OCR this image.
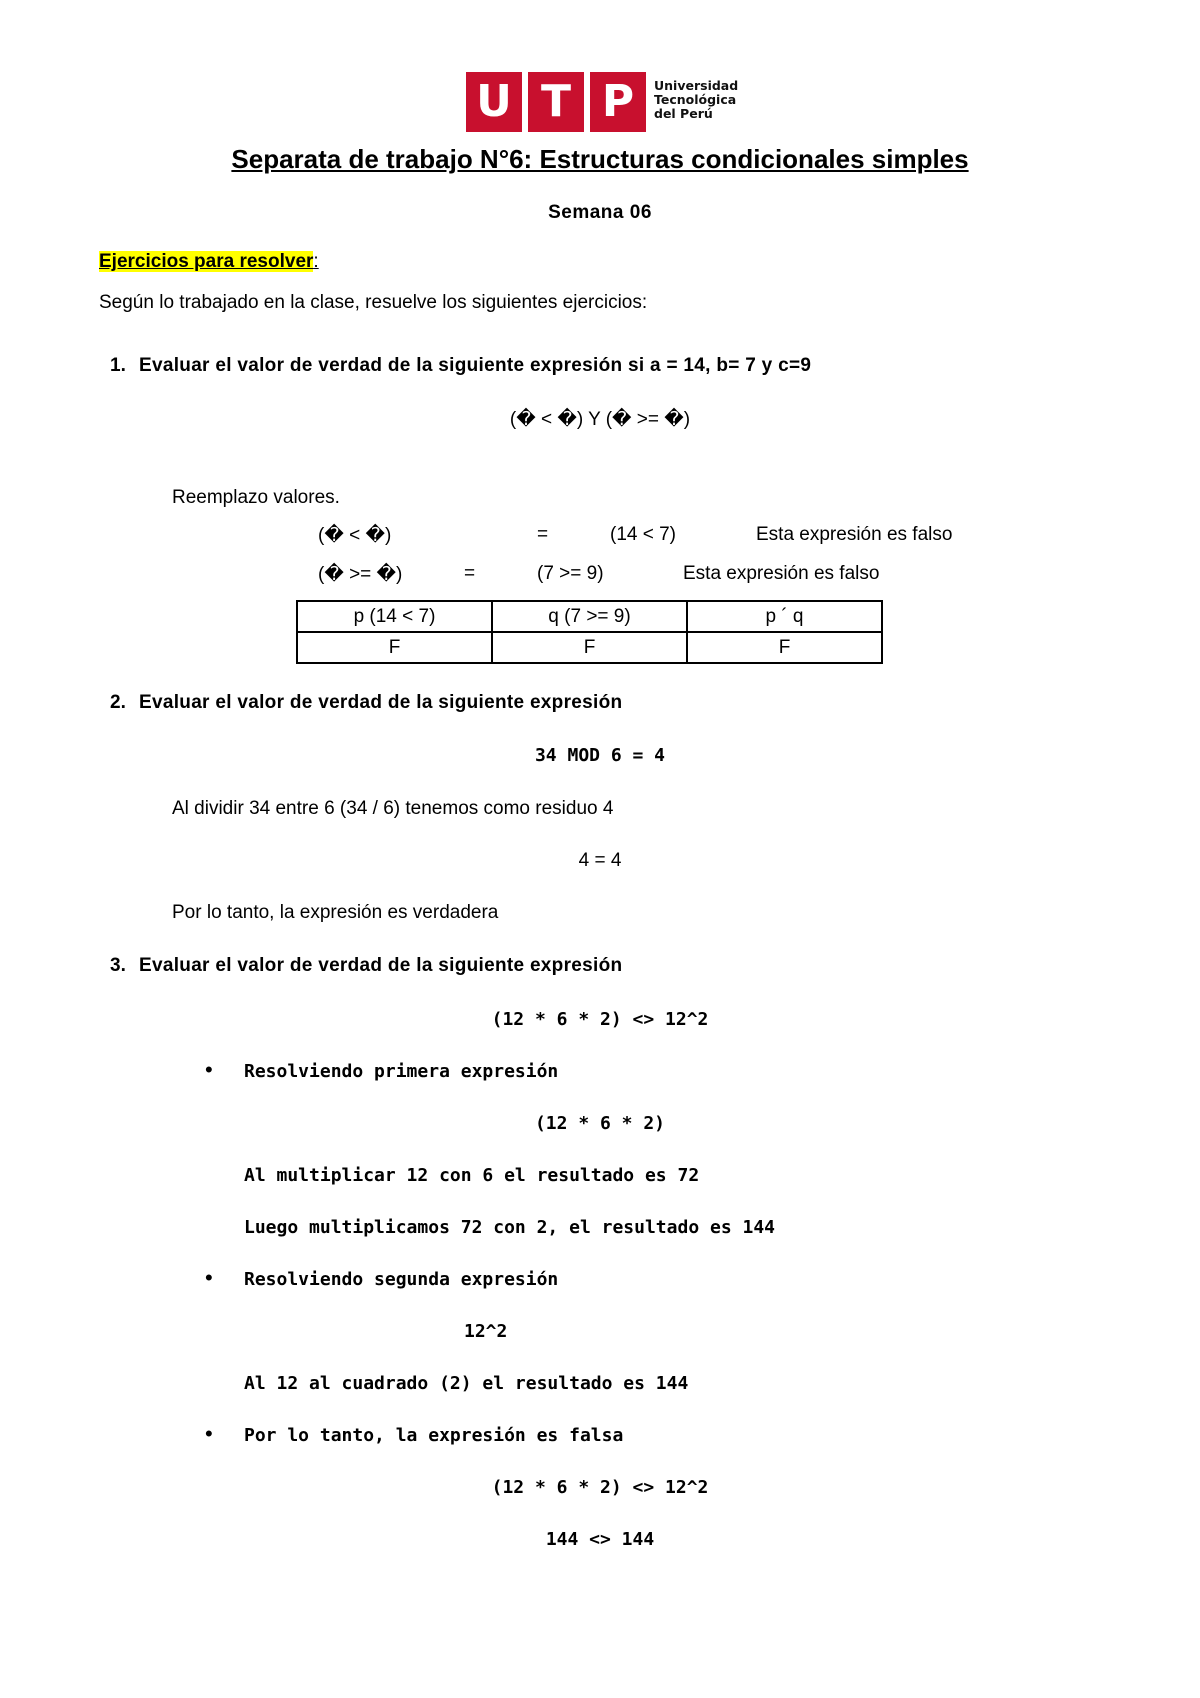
U T P	Universidad
Tecnológica
del Perú
Separata de trabajo N°6: Estructuras condicionales simples
Semana 06
Ejercicios para resolver:
Según lo trabajado en la clase, resuelve los siguientes ejercicios:
1. Evaluar el valor de verdad de la siguiente expresión si a = 14, b= 7 y c=9
(� < �) Y (� >= �)
Reemplazo valores.
(� < �)	=	(14 < 7)	Esta expresión es falso
(� >= �)	=	(7 >= 9)	Esta expresión es falso
p (14 < 7)	q (7 >= 9)	p ´ q
F	F	F
2. Evaluar el valor de verdad de la siguiente expresión
34 MOD 6 = 4
Al dividir 34 entre 6 (34 / 6) tenemos como residuo 4
4 = 4
Por lo tanto, la expresión es verdadera
3. Evaluar el valor de verdad de la siguiente expresión
(12 * 6 * 2) <> 12^2
• Resolviendo primera expresión
(12 * 6 * 2)
Al multiplicar 12 con 6 el resultado es 72
Luego multiplicamos 72 con 2, el resultado es 144
• Resolviendo segunda expresión
12^2
Al 12 al cuadrado (2) el resultado es 144
• Por lo tanto, la expresión es falsa
(12 * 6 * 2) <> 12^2
144 <> 144
